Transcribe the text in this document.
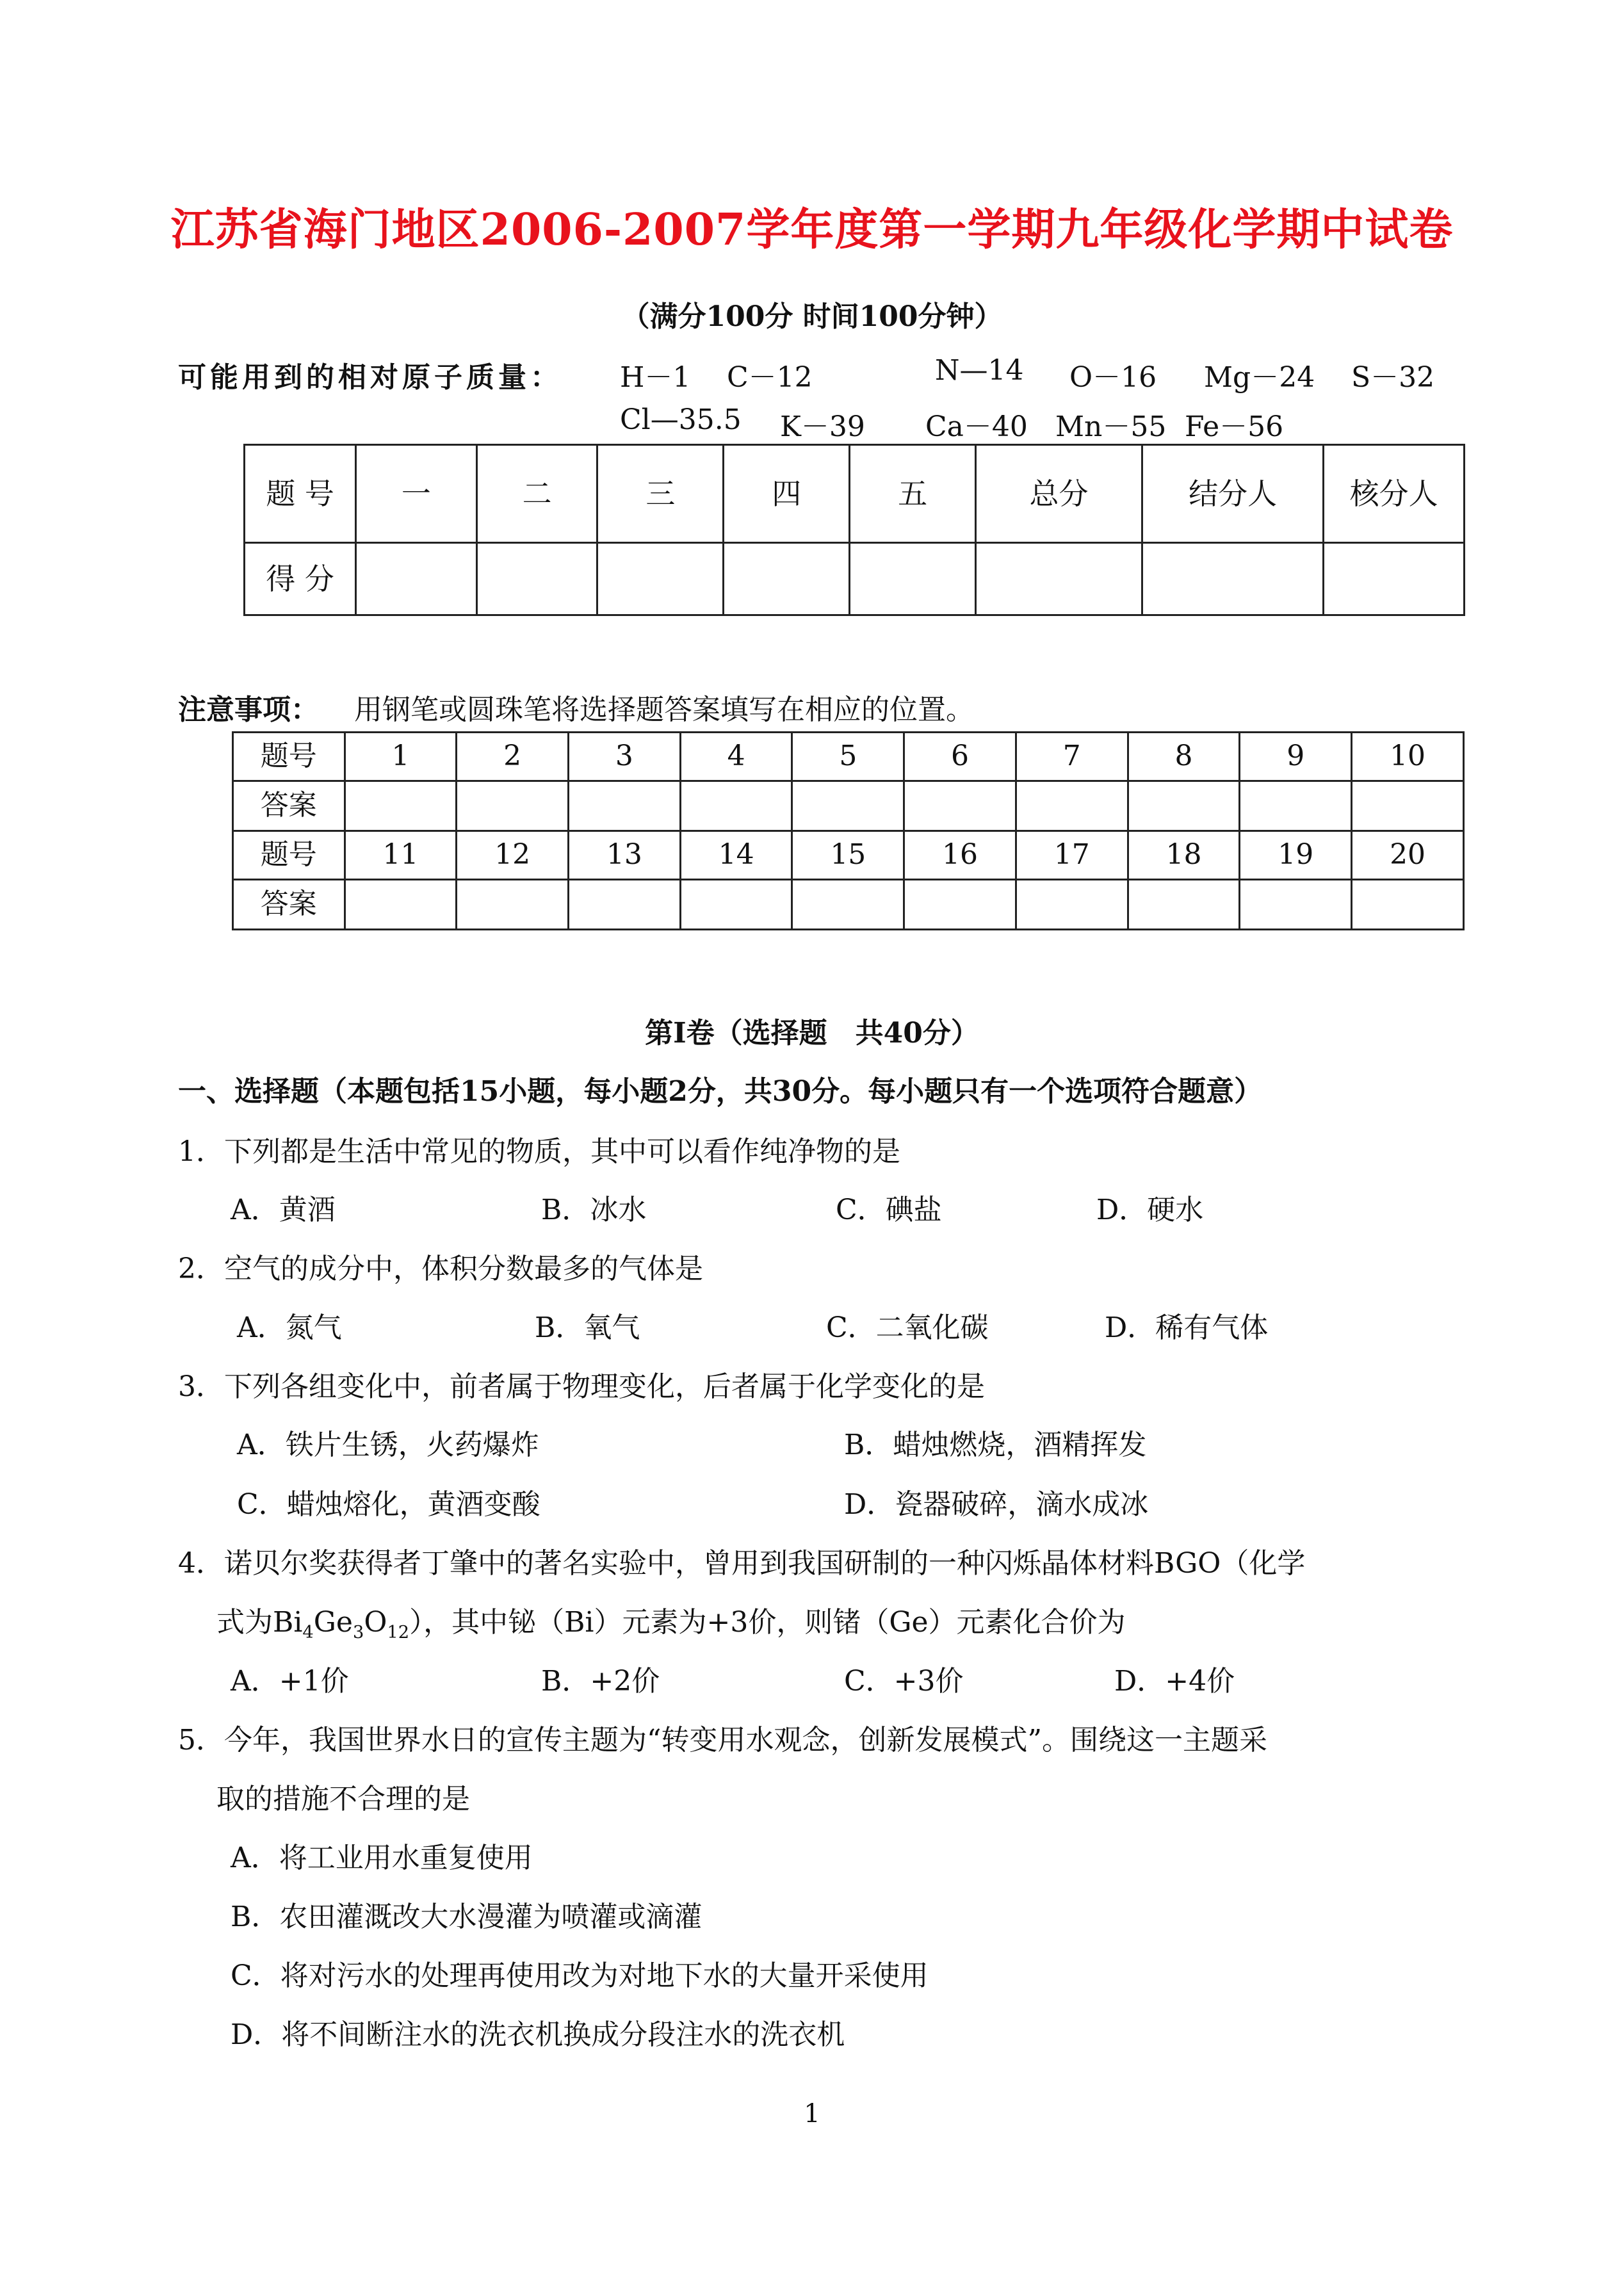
江苏省海门地区2006-2007学年度第一学期九年级化学期中试卷
（满分100分 时间100分钟）
可能用到的相对原子质量： H－1 C－12	N—14 O－16 Mg－24 S－32
Cl—35.5 K－39 Ca－40 Mn－55 Fe－56
题 号	一	二	三	四	五	总分	结分人	核分人
得 分								
注意事项： 用钢笔或圆珠笔将选择题答案填写在相应的位置。
题号	1	2	3	4	5	6	7	8	9	10
答案										
题号	11	12	13	14	15	16	17	18	19	20
答案										
第Ⅰ卷（选择题　共40分）
一、选择题（本题包括15小题，每小题2分，共30分。每小题只有一个选项符合题意）
1．下列都是生活中常见的物质，其中可以看作纯净物的是
A．黄酒	B．冰水	C．碘盐	D．硬水
2．空气的成分中，体积分数最多的气体是
A．氮气	B．氧气	C．二氧化碳	D．稀有气体
3．下列各组变化中，前者属于物理变化，后者属于化学变化的是
A．铁片生锈，火药爆炸	B．蜡烛燃烧，酒精挥发
C．蜡烛熔化，黄酒变酸	D．瓷器破碎，滴水成冰
4．诺贝尔奖获得者丁肇中的著名实验中，曾用到我国研制的一种闪烁晶体材料BGO（化学
式为$Bi_4Ge_3O_{12}$），其中铋（Bi）元素为+3价，则锗（Ge）元素化合价为
A．+1价	B．+2价	C．+3价	D．+4价
5．今年，我国世界水日的宣传主题为“转变用水观念，创新发展模式”。围绕这一主题采
取的措施不合理的是
A．将工业用水重复使用
B．农田灌溉改大水漫灌为喷灌或滴灌
C．将对污水的处理再使用改为对地下水的大量开采使用
D．将不间断注水的洗衣机换成分段注水的洗衣机
1
